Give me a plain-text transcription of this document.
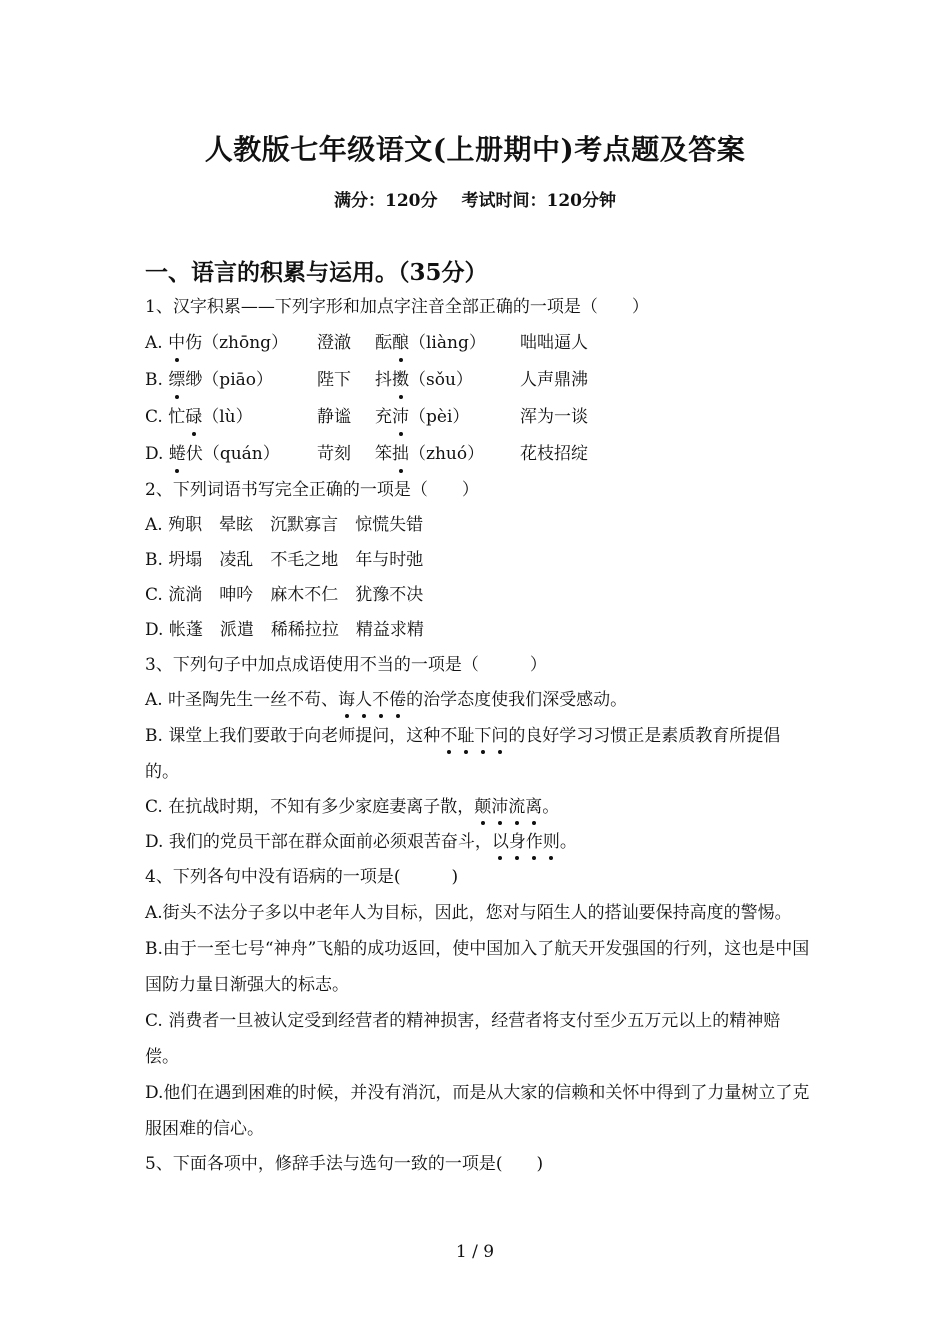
人教版七年级语文(上册期中)考点题及答案
满分：120分 考试时间：120分钟
一、语言的积累与运用。（35分）
1、汉字积累——下列字形和加点字注音全部正确的一项是（　　）
A. 中伤（zhōng） 澄澈 酝酿（liàng） 咄咄逼人
B. 缥缈（piāo）	陛下 抖擞（sǒu）	人声鼎沸
C. 忙碌（lù）	静谧 充沛（pèi）	浑为一谈
D. 蜷伏（quán） 苛刻 笨拙（zhuó） 花枝招绽
2、下列词语书写完全正确的一项是（　　）
A. 殉职　 晕眩　 沉默寡言　 惊慌失错
B. 坍塌　 凌乱　 不毛之地　 年与时弛
C. 流淌　 呻吟　 麻木不仁　 犹豫不决
D. 帐蓬　 派遣　 稀稀拉拉　 精益求精
3、下列句子中加点成语使用不当的一项是（　　　）
A. 叶圣陶先生一丝不苟、诲人不倦的治学态度使我们深受感动。
B. 课堂上我们要敢于向老师提问，这种不耻下问的良好学习习惯正是素质教育所提倡的。
C. 在抗战时期，不知有多少家庭妻离子散，颠沛流离。
D. 我们的党员干部在群众面前必须艰苦奋斗，以身作则。
4、下列各句中没有语病的一项是(　　　)
A.街头不法分子多以中老年人为目标，因此，您对与陌生人的搭讪要保持高度的警惕。
B.由于一至七号“神舟”飞船的成功返回，使中国加入了航天开发强国的行列，这也是中国国防力量日渐强大的标志。
C. 消费者一旦被认定受到经营者的精神损害，经营者将支付至少五万元以上的精神赔偿。
D.他们在遇到困难的时候，并没有消沉，而是从大家的信赖和关怀中得到了力量树立了克服困难的信心。
5、下面各项中，修辞手法与选句一致的一项是(　　)
1 / 9
